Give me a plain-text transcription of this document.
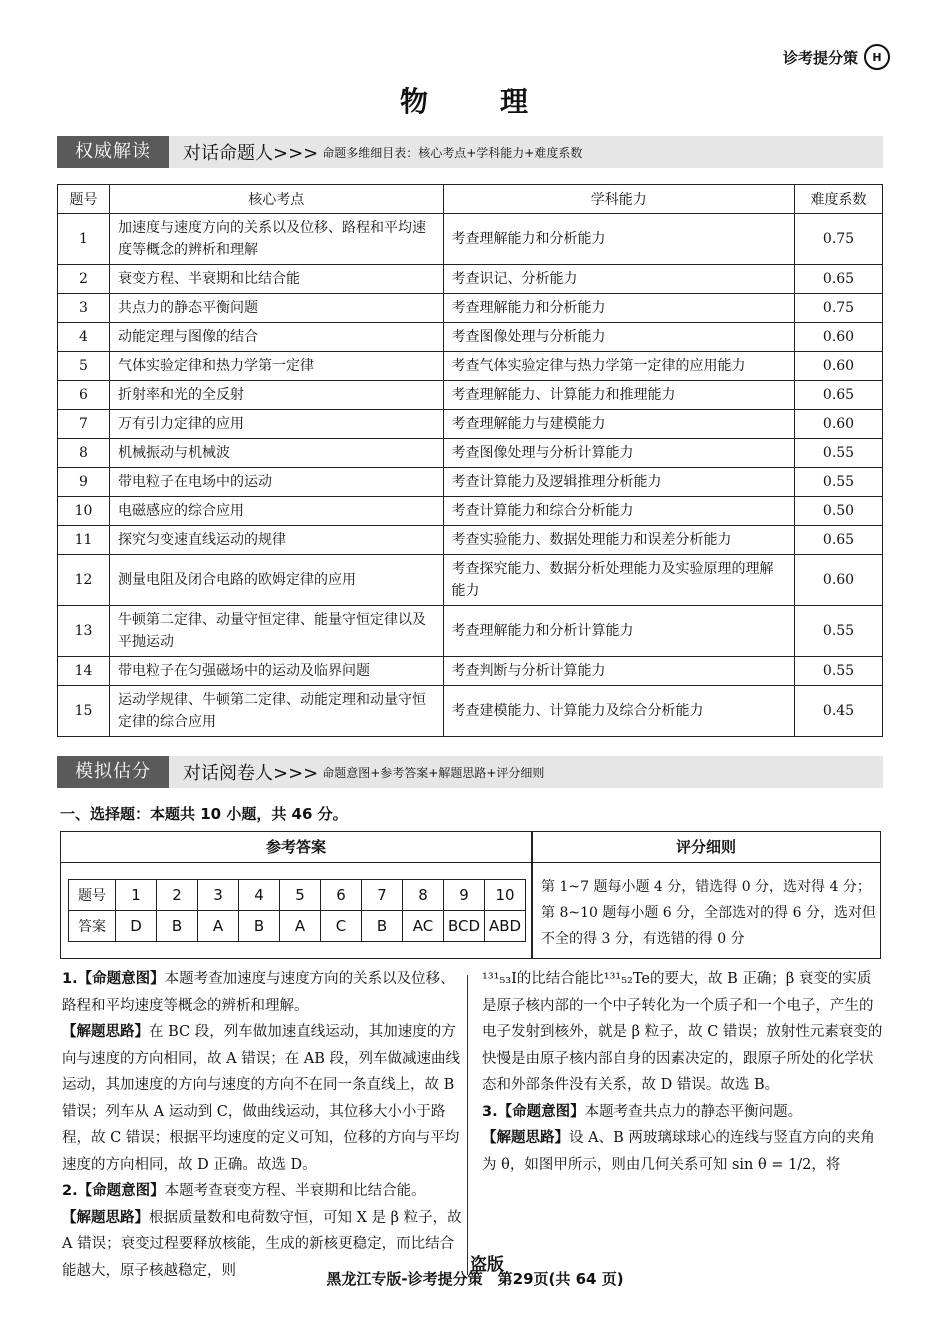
诊考提分策	H
物　理
权威解读	对话命题人>>> 命题多维细目表：核心考点+学科能力+难度系数
题号	核心考点	学科能力	难度系数
1	加速度与速度方向的关系以及位移、路程和平均速度等概念的辨析和理解	考查理解能力和分析能力	0.75
2	衰变方程、半衰期和比结合能	考查识记、分析能力	0.65
3	共点力的静态平衡问题	考查理解能力和分析能力	0.75
4	动能定理与图像的结合	考查图像处理与分析能力	0.60
5	气体实验定律和热力学第一定律	考查气体实验定律与热力学第一定律的应用能力	0.60
6	折射率和光的全反射	考查理解能力、计算能力和推理能力	0.65
7	万有引力定律的应用	考查理解能力与建模能力	0.60
8	机械振动与机械波	考查图像处理与分析计算能力	0.55
9	带电粒子在电场中的运动	考查计算能力及逻辑推理分析能力	0.55
10	电磁感应的综合应用	考查计算能力和综合分析能力	0.50
11	探究匀变速直线运动的规律	考查实验能力、数据处理能力和误差分析能力	0.65
12	测量电阻及闭合电路的欧姆定律的应用	考查探究能力、数据分析处理能力及实验原理的理解能力	0.60
13	牛顿第二定律、动量守恒定律、能量守恒定律以及平抛运动	考查理解能力和分析计算能力	0.55
14	带电粒子在匀强磁场中的运动及临界问题	考查判断与分析计算能力	0.55
15	运动学规律、牛顿第二定律、动能定理和动量守恒定律的综合应用	考查建模能力、计算能力及综合分析能力	0.45
模拟估分	对话阅卷人>>> 命题意图+参考答案+解题思路+评分细则
一、选择题：本题共 10 小题，共 46 分。
参考答案	评分细则
题号	1	2	3	4	5	6	7	8	9	10
答案	D	B	A	B	A	C	B	AC	BCD	ABD
第 1~7 题每小题 4 分，错选得 0 分，选对得 4 分；第 8~10 题每小题 6 分，全部选对的得 6 分，选对但不全的得 3 分，有选错的得 0 分
1.【命题意图】本题考查加速度与速度方向的关系以及位移、路程和平均速度等概念的辨析和理解。
【解题思路】在 BC 段，列车做加速直线运动，其加速度的方向与速度的方向相同，故 A 错误；在 AB 段，列车做减速曲线运动，其加速度的方向与速度的方向不在同一条直线上，故 B 错误；列车从 A 运动到 C，做曲线运动，其位移大小小于路程，故 C 错误；根据平均速度的定义可知，位移的方向与平均速度的方向相同，故 D 正确。故选 D。
2.【命题意图】本题考查衰变方程、半衰期和比结合能。
【解题思路】根据质量数和电荷数守恒，可知 X 是 β 粒子，故 A 错误；衰变过程要释放核能，生成的新核更稳定，而比结合能越大，原子核越稳定，则
¹³¹₅₃I的比结合能比¹³¹₅₂Te的要大，故 B 正确；β 衰变的实质是原子核内部的一个中子转化为一个质子和一个电子，产生的电子发射到核外，就是 β 粒子，故 C 错误；放射性元素衰变的快慢是由原子核内部自身的因素决定的，跟原子所处的化学状态和外部条件没有关系，故 D 错误。故选 B。
3.【命题意图】本题考查共点力的静态平衡问题。
【解题思路】设 A、B 两玻璃球球心的连线与竖直方向的夹角为 θ，如图甲所示，则由几何关系可知 sin θ = 1/2，将
盗版
黑龙江专版-诊考提分策　第29页(共 64 页)
